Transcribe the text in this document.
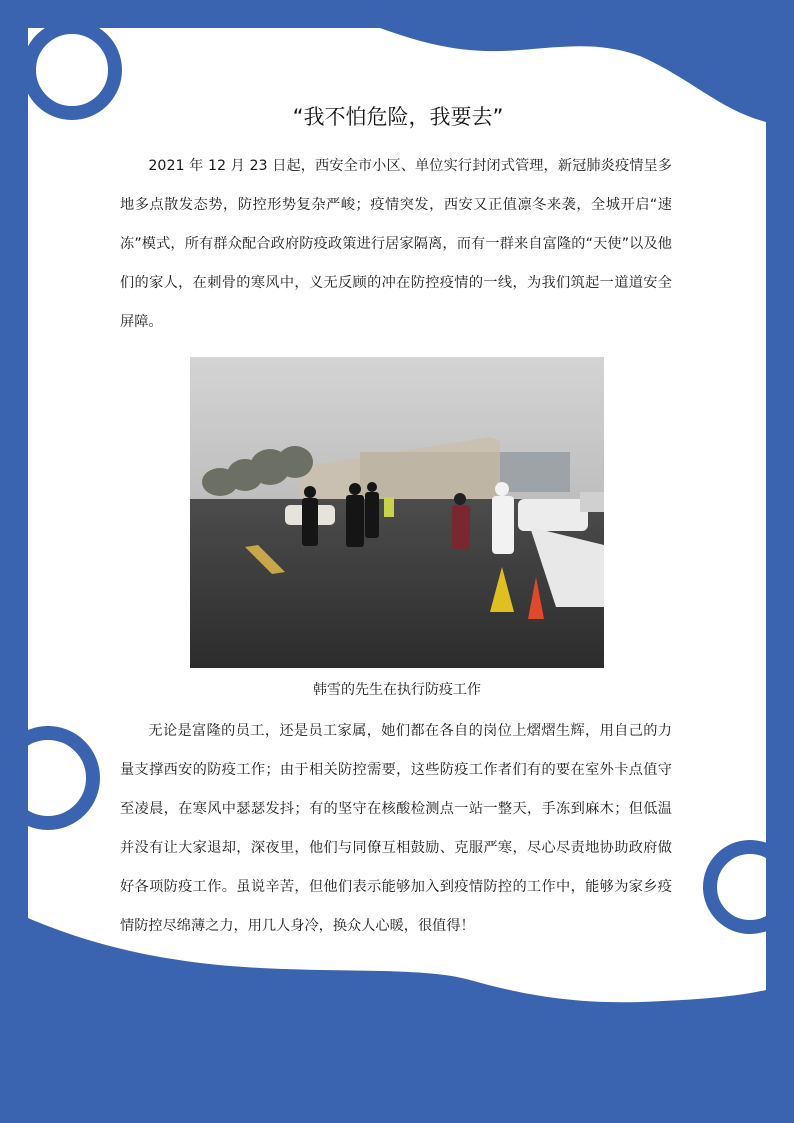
“我不怕危险，我要去”

2021 年 12 月 23 日起，西安全市小区、单位实行封闭式管理，新冠肺炎疫情呈多地多点散发态势，防控形势复杂严峻；疫情突发，西安又正值凛冬来袭，全城开启“速冻”模式，所有群众配合政府防疫政策进行居家隔离，而有一群来自富隆的“天使”以及他们的家人，在刺骨的寒风中，义无反顾的冲在防控疫情的一线，为我们筑起一道道安全屏障。

韩雪的先生在执行防疫工作

无论是富隆的员工，还是员工家属，她们都在各自的岗位上熠熠生辉，用自己的力量支撑西安的防疫工作；由于相关防控需要，这些防疫工作者们有的要在室外卡点值守至凌晨，在寒风中瑟瑟发抖；有的坚守在核酸检测点一站一整天，手冻到麻木；但低温并没有让大家退却，深夜里，他们与同僚互相鼓励、克服严寒，尽心尽责地协助政府做好各项防疫工作。虽说辛苦，但他们表示能够加入到疫情防控的工作中，能够为家乡疫情防控尽绵薄之力，用几人身冷，换众人心暖，很值得！
